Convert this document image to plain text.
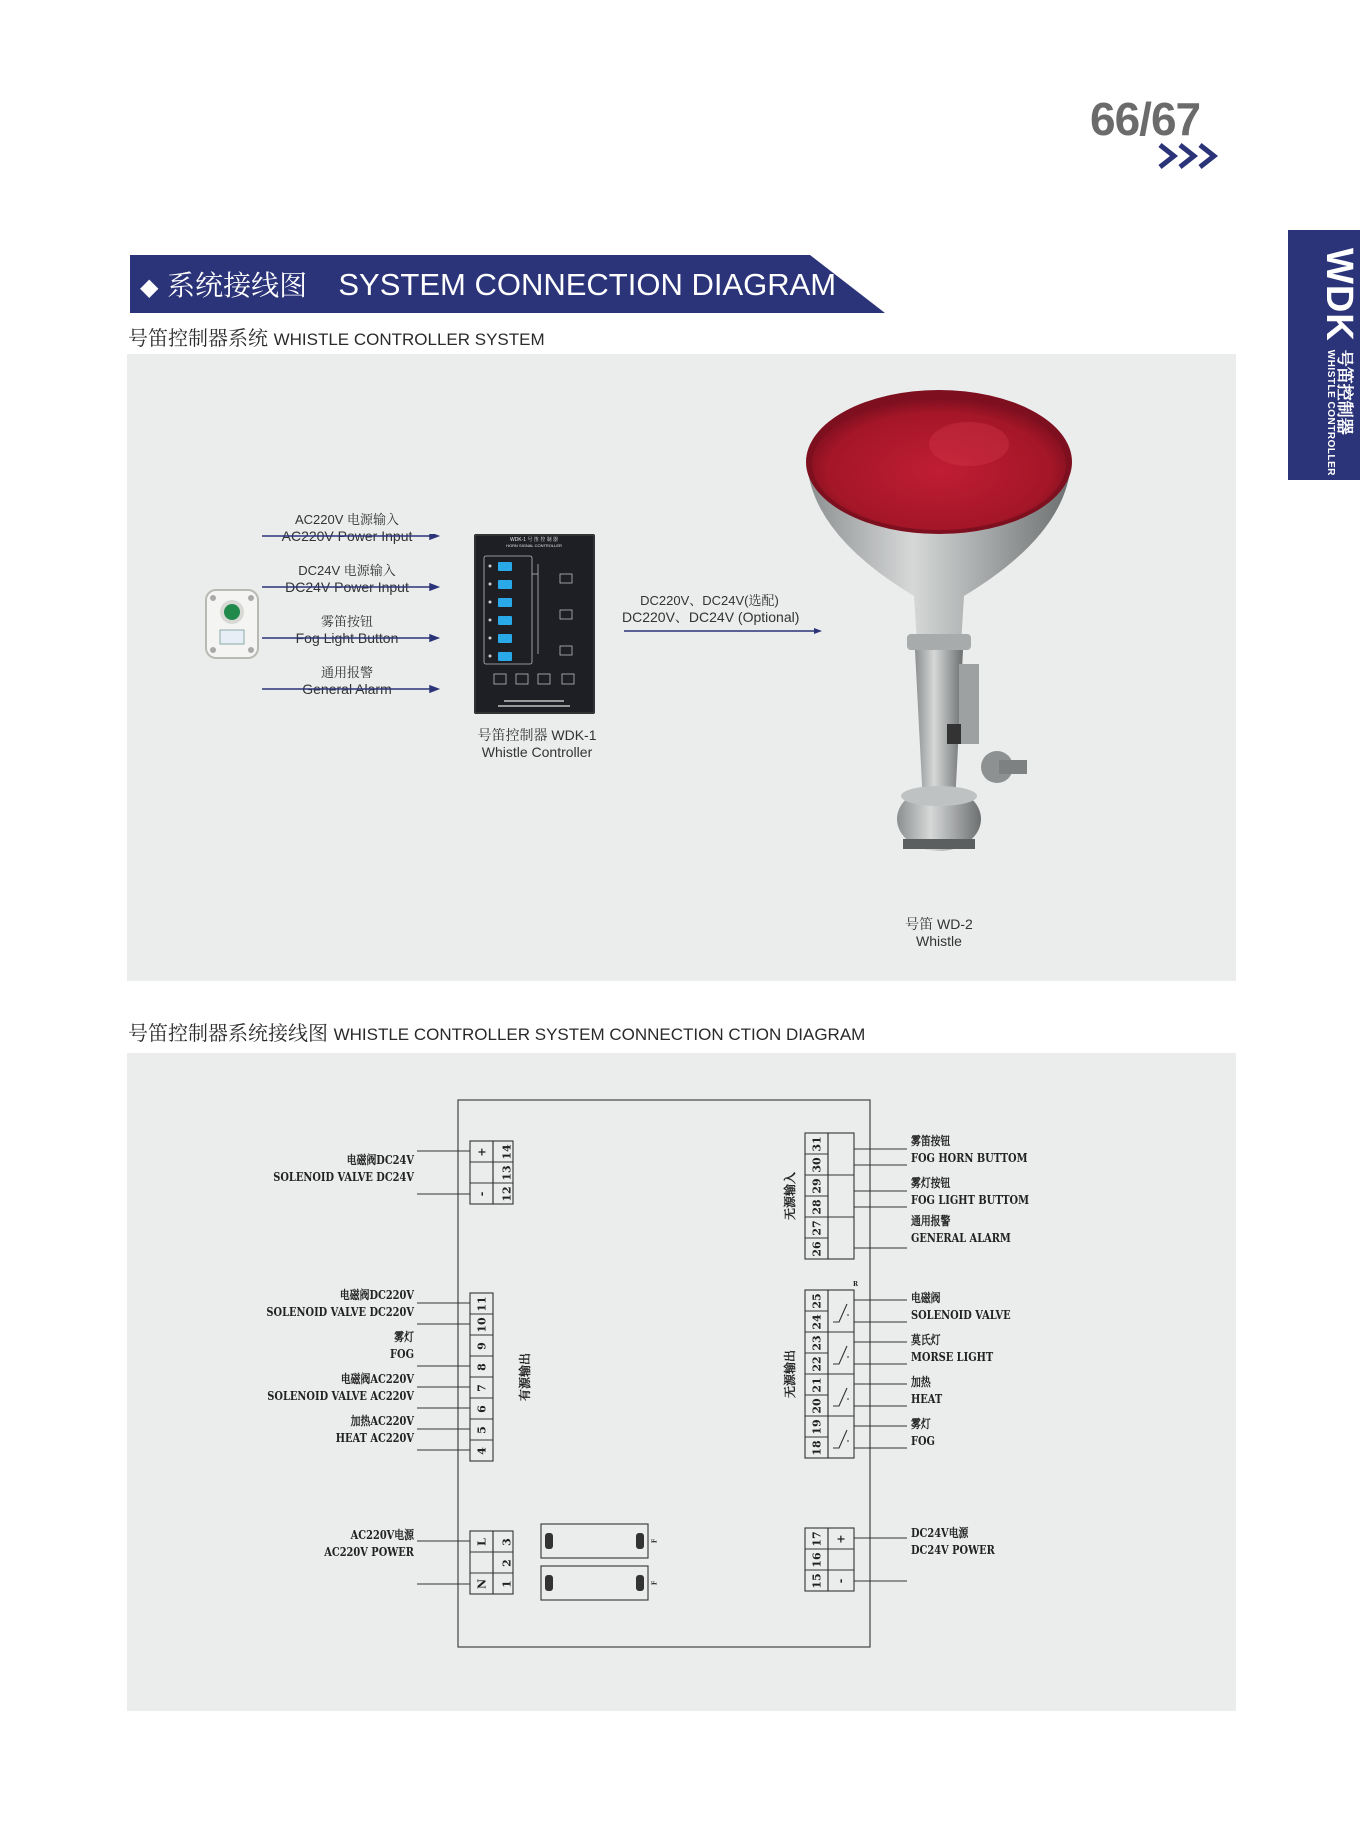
66/67
WDK
号笛控制器
WHISTLE CONTROLLER
◆ 系统接线图 SYSTEM CONNECTION DIAGRAM
号笛控制器系统 WHISTLE CONTROLLER SYSTEM
AC220V 电源输入
AC220V Power Input
DC24V 电源输入
DC24V Power Input
雾笛按钮
Fog Light Button
通用报警
General Alarm
WDK-1 号 笛 控 制 器
HORN SIGNAL CONTROLLER
号笛控制器 WDK-1
Whistle Controller
DC220V、DC24V(选配)
DC220V、DC24V (Optional)
号笛 WD-2
Whistle
号笛控制器系统接线图 WHISTLE CONTROLLER SYSTEM CONNECTION CTION DIAGRAM
14
13
12
+
-
11
10
9
8
7
6
5
4
3
2
1
L
N
31
30
29
28
27
26
25
24
23
22
21
20
19
18
17
16
15
+
-
无源输入
有源输出	无源输出
R
F
F
电磁阀DC24V
SOLENOID VALVE DC24V
电磁阀DC220V
SOLENOID VALVE DC220V
雾灯
FOG
电磁阀AC220V
SOLENOID VALVE AC220V
加热AC220V
HEAT AC220V
AC220V电源
AC220V POWER
雾笛按钮
FOG HORN BUTTOM
雾灯按钮
FOG LIGHT BUTTOM
通用报警
GENERAL ALARM
电磁阀
SOLENOID VALVE
莫氏灯
MORSE LIGHT
加热
HEAT
雾灯
FOG
DC24V电源
DC24V POWER
